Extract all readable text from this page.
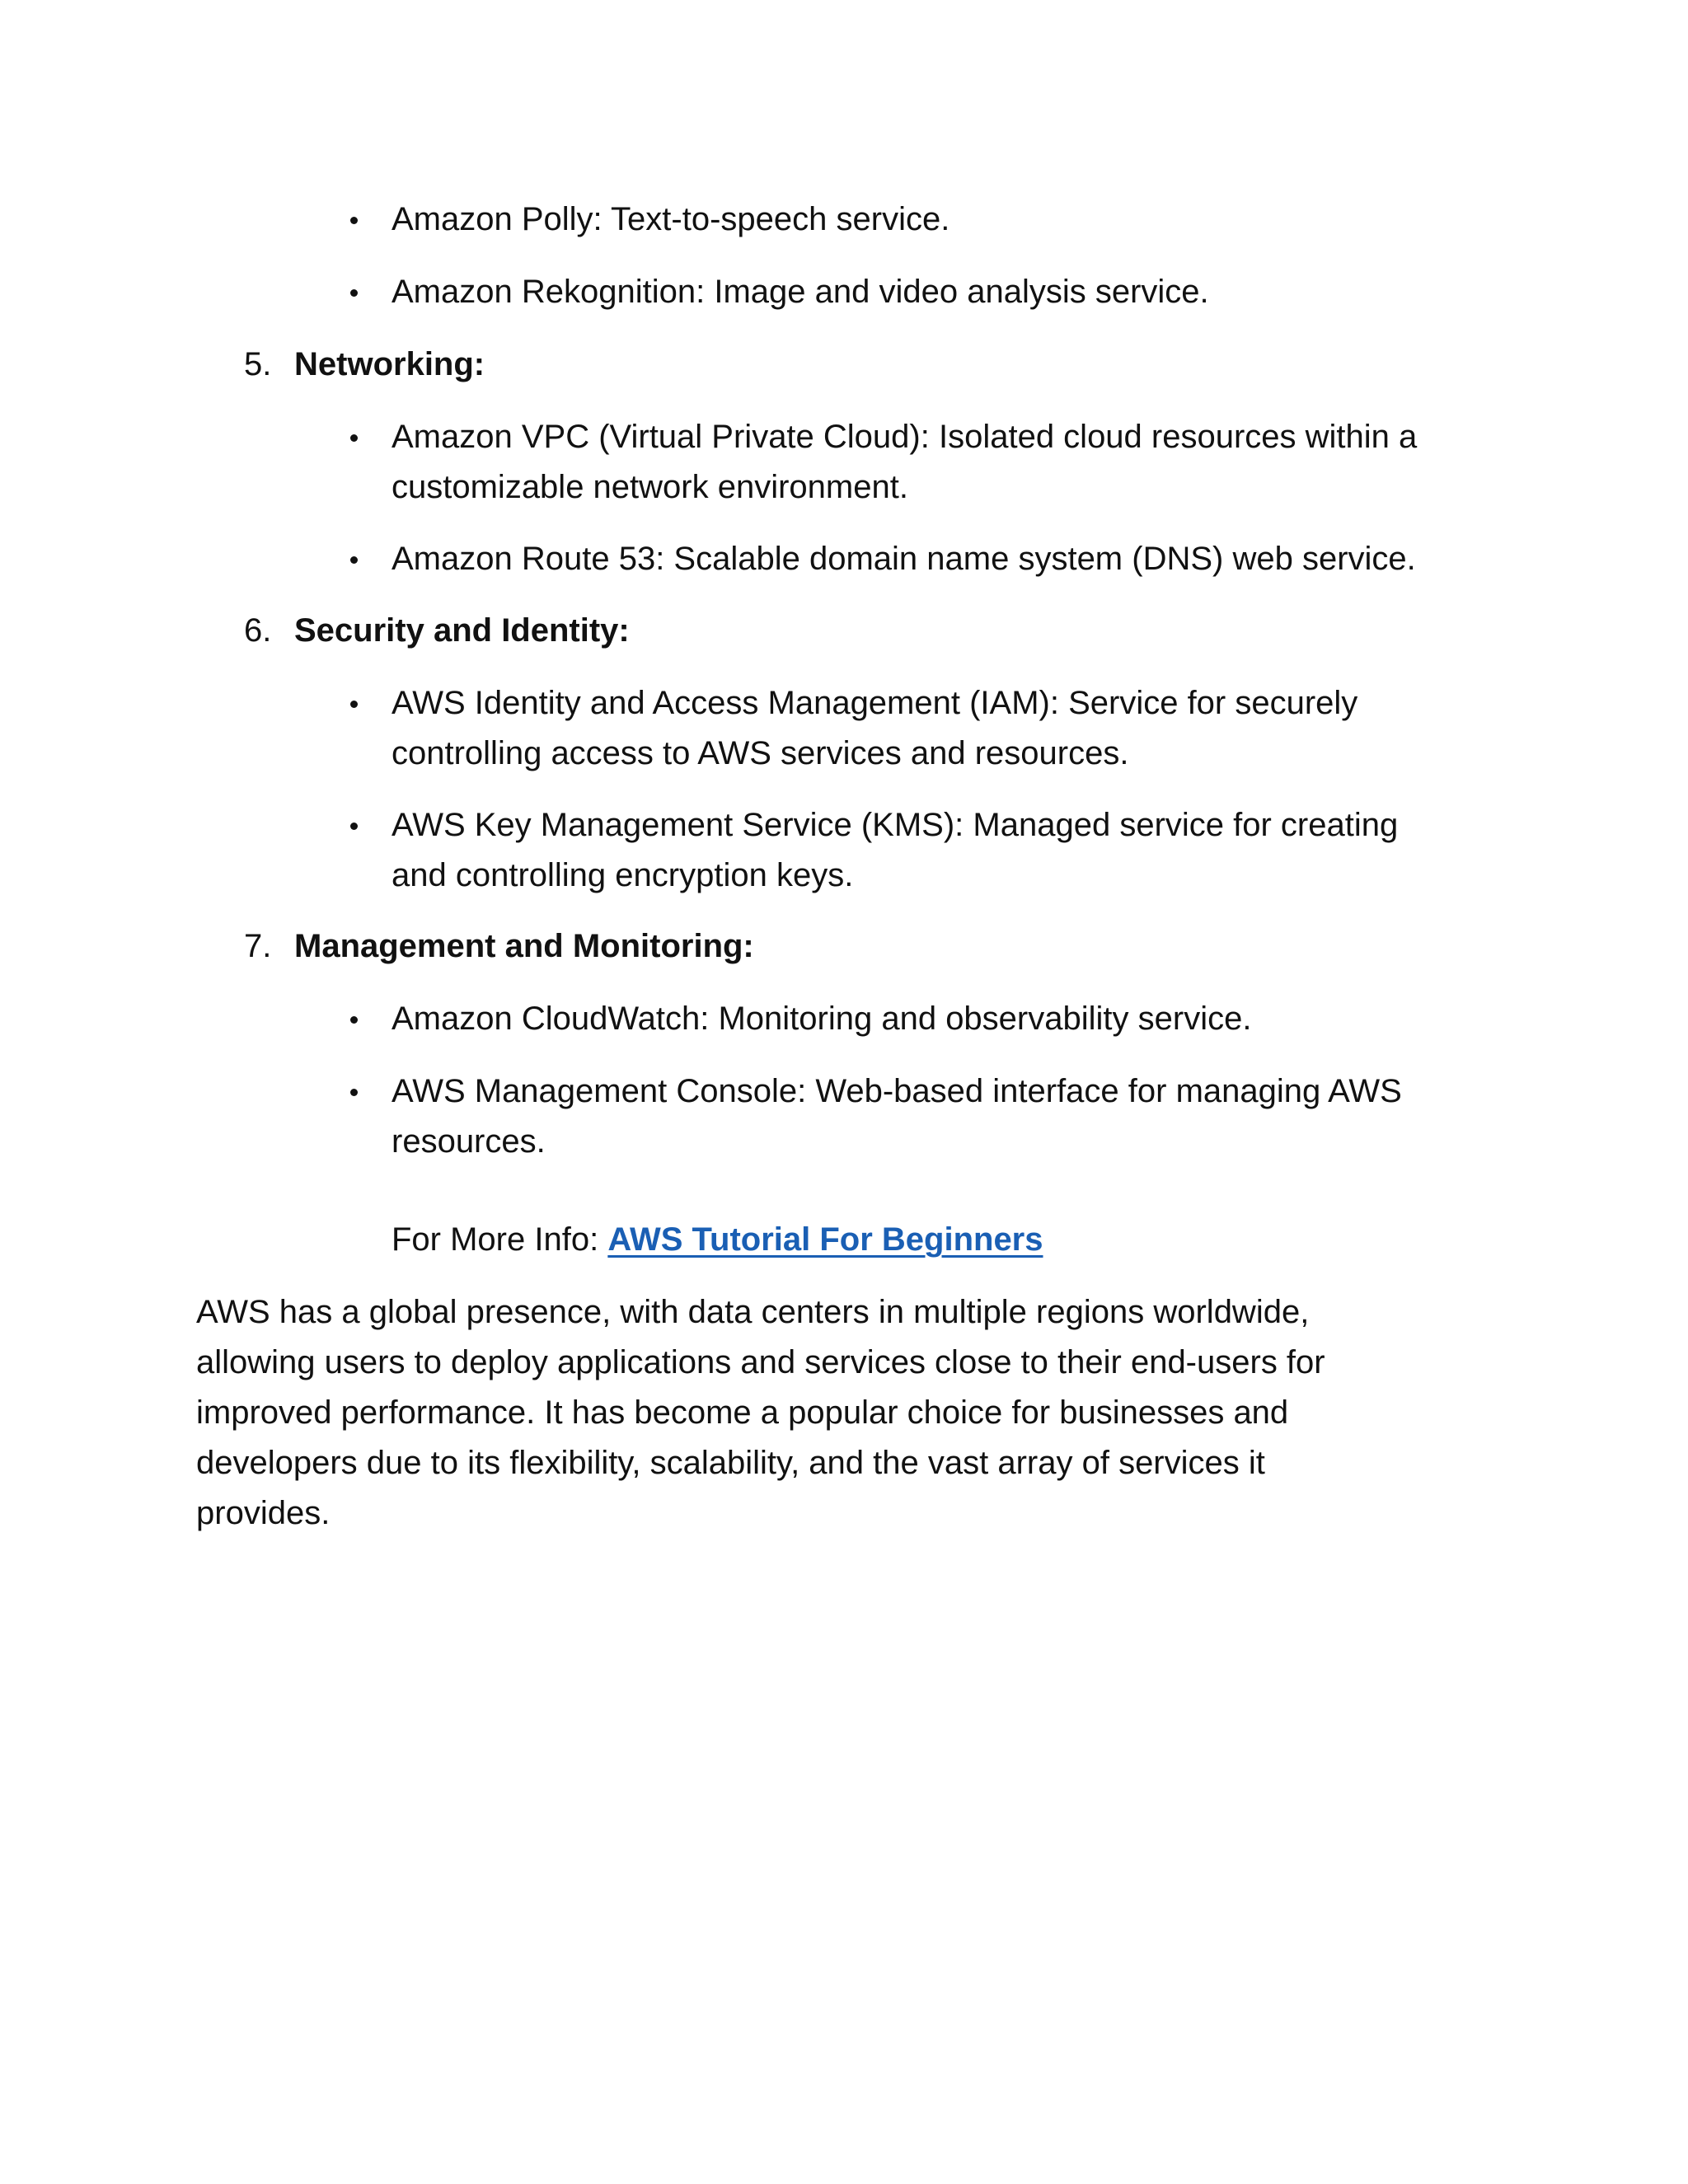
Amazon Polly: Text-to-speech service.

Amazon Rekognition: Image and video analysis service.

5. Networking:

Amazon VPC (Virtual Private Cloud): Isolated cloud resources within a

customizable network environment.

Amazon Route 53: Scalable domain name system (DNS) web service.

6. Security and Identity:

AWS Identity and Access Management (IAM): Service for securely

controlling access to AWS services and resources.

AWS Key Management Service (KMS): Managed service for creating

and controlling encryption keys.

7. Management and Monitoring:

Amazon CloudWatch: Monitoring and observability service.

AWS Management Console: Web-based interface for managing AWS

resources.

For More Info: AWS Tutorial For Beginners

AWS has a global presence, with data centers in multiple regions worldwide,

allowing users to deploy applications and services close to their end-users for

improved performance. It has become a popular choice for businesses and

developers due to its flexibility, scalability, and the vast array of services it

provides.
